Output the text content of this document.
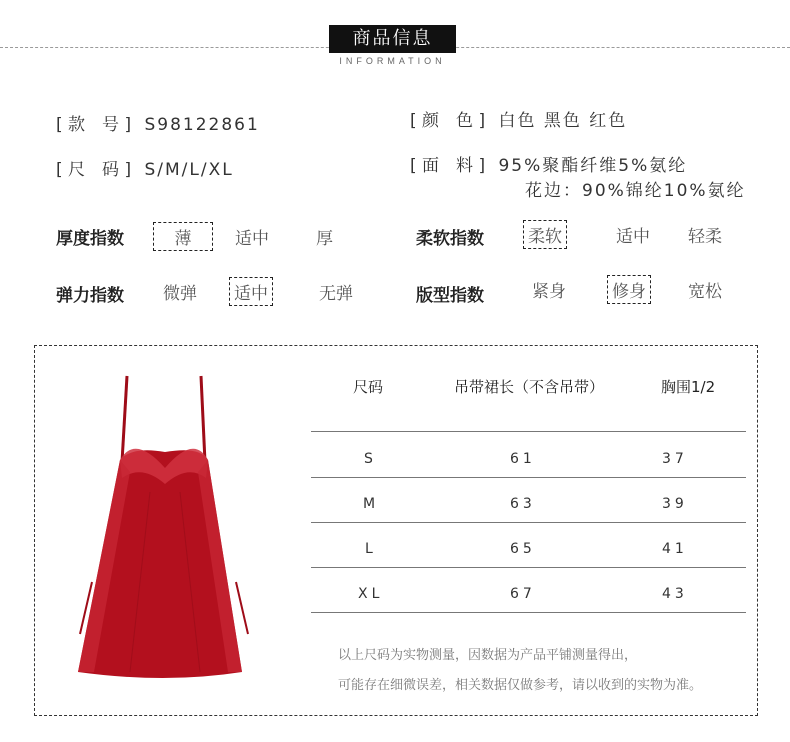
商品信息
INFORMATION
[ 款　号 ] S98122861
[ 尺　码 ] S/M/L/XL
[ 颜　色 ] 白色 黑色 红色
[ 面　料 ] 95%聚酯纤维5%氨纶
花边：90%锦纶10%氨纶
厚度指数	薄	适中	厚	柔软指数	柔软	适中 轻柔
弹力指数 微弹 适中	无弹	版型指数	紧身	修身 宽松
尺码	吊带裙长（不含吊带）	胸围1/2
S	61	37
M	63	39
L	65	41
XL	67	43
以上尺码为实物测量，因数据为产品平铺测量得出，
可能存在细微误差，相关数据仅做参考，请以收到的实物为准。
